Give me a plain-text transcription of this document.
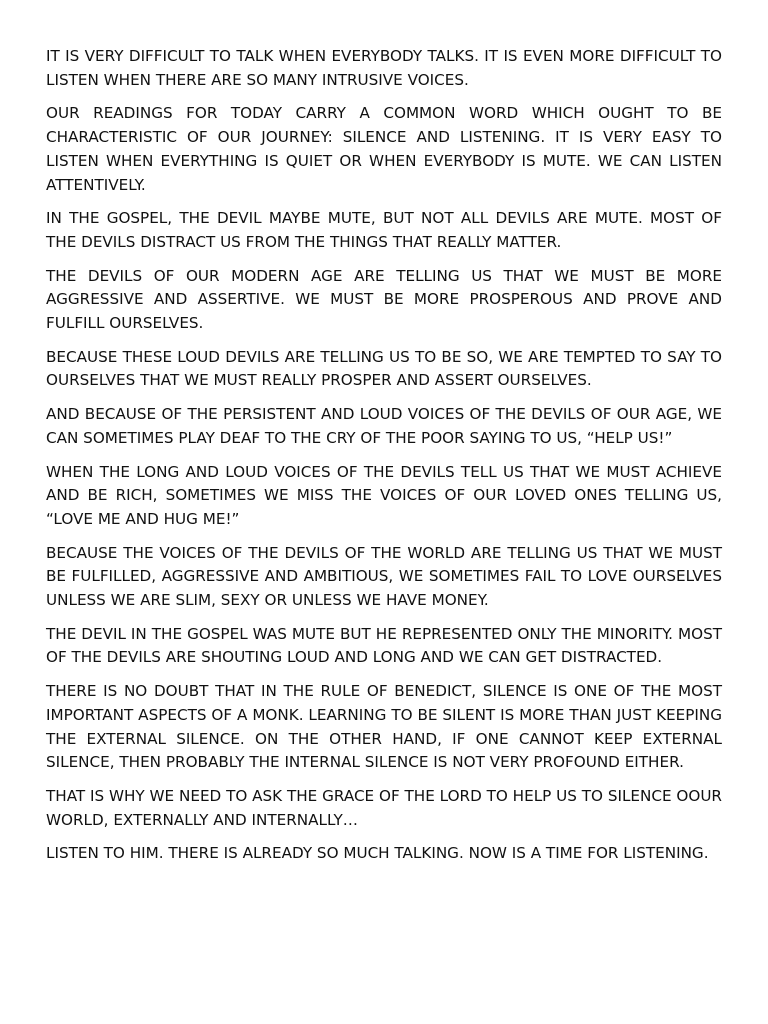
IT IS VERY DIFFICULT TO TALK WHEN EVERYBODY TALKS. IT IS EVEN MORE DIFFICULT TO LISTEN WHEN THERE ARE SO MANY INTRUSIVE VOICES.

OUR READINGS FOR TODAY CARRY A COMMON WORD WHICH OUGHT TO BE CHARACTERISTIC OF OUR JOURNEY: SILENCE AND LISTENING. IT IS VERY EASY TO LISTEN WHEN EVERYTHING IS QUIET OR WHEN EVERYBODY IS MUTE. WE CAN LISTEN ATTENTIVELY.

IN THE GOSPEL, THE DEVIL MAYBE MUTE, BUT NOT ALL DEVILS ARE MUTE. MOST OF THE DEVILS DISTRACT US FROM THE THINGS THAT REALLY MATTER.

THE DEVILS OF OUR MODERN AGE ARE TELLING US THAT WE MUST BE MORE AGGRESSIVE AND ASSERTIVE. WE MUST BE MORE PROSPEROUS AND PROVE AND FULFILL OURSELVES.

BECAUSE THESE LOUD DEVILS ARE TELLING US TO BE SO, WE ARE TEMPTED TO SAY TO OURSELVES THAT WE MUST REALLY PROSPER AND ASSERT OURSELVES.

AND BECAUSE OF THE PERSISTENT AND LOUD VOICES OF THE DEVILS OF OUR AGE, WE CAN SOMETIMES PLAY DEAF TO THE CRY OF THE POOR SAYING TO US, “HELP US!”

WHEN THE LONG AND LOUD VOICES OF THE DEVILS TELL US THAT WE MUST ACHIEVE AND BE RICH, SOMETIMES WE MISS THE VOICES OF OUR LOVED ONES TELLING US, “LOVE ME AND HUG ME!”

BECAUSE THE VOICES OF THE DEVILS OF THE WORLD ARE TELLING US THAT WE MUST BE FULFILLED, AGGRESSIVE AND AMBITIOUS, WE SOMETIMES FAIL TO LOVE OURSELVES UNLESS WE ARE SLIM, SEXY OR UNLESS WE HAVE MONEY.

THE DEVIL IN THE GOSPEL WAS MUTE BUT HE REPRESENTED ONLY THE MINORITY. MOST OF THE DEVILS ARE SHOUTING LOUD AND LONG AND WE CAN GET DISTRACTED.

THERE IS NO DOUBT THAT IN THE RULE OF BENEDICT, SILENCE IS ONE OF THE MOST IMPORTANT ASPECTS OF A MONK. LEARNING TO BE SILENT IS MORE THAN JUST KEEPING THE EXTERNAL SILENCE. ON THE OTHER HAND, IF ONE CANNOT KEEP EXTERNAL SILENCE, THEN PROBABLY THE INTERNAL SILENCE IS NOT VERY PROFOUND EITHER.

THAT IS WHY WE NEED TO ASK THE GRACE OF THE LORD TO HELP US TO SILENCE OOUR WORLD, EXTERNALLY AND INTERNALLY…

LISTEN TO HIM. THERE IS ALREADY SO MUCH TALKING. NOW IS A TIME FOR LISTENING.
